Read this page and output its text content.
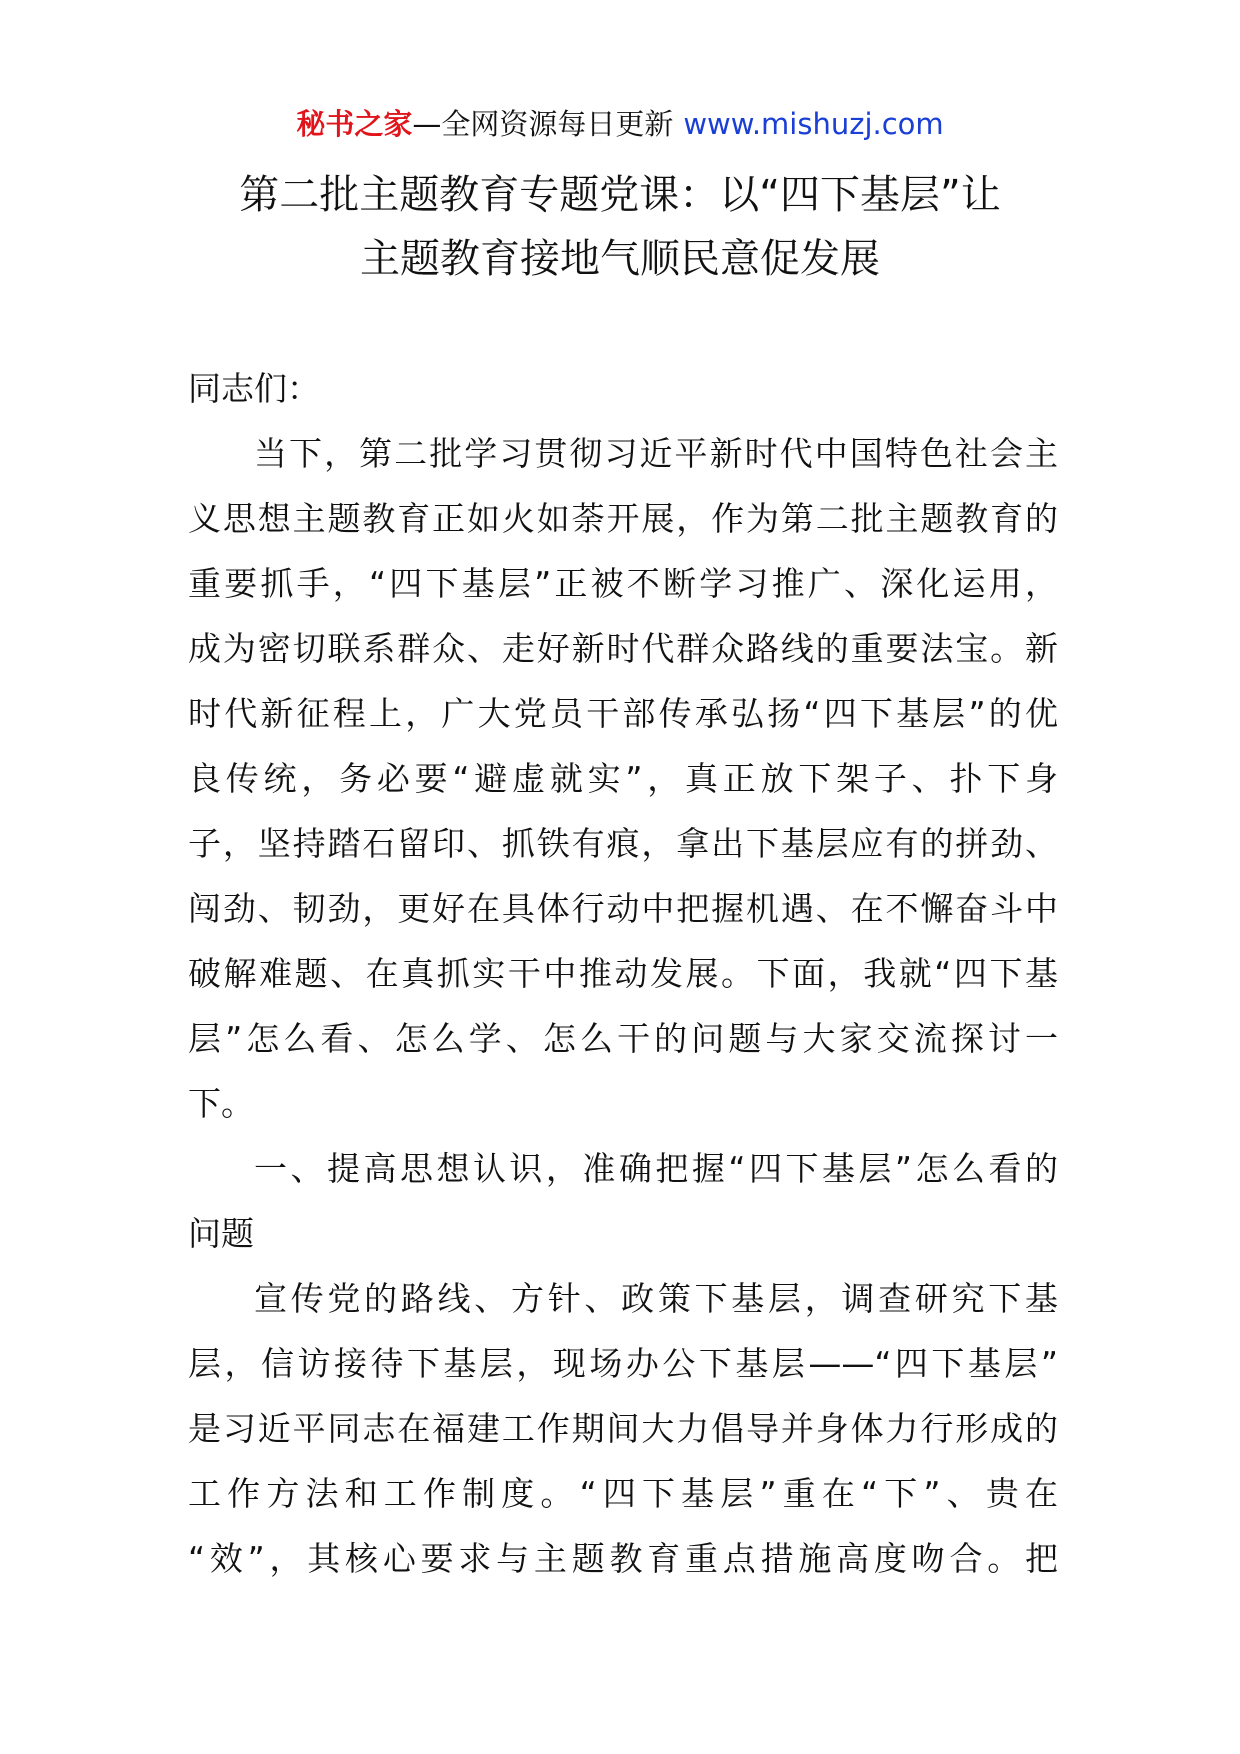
秘书之家—全网资源每日更新 www.mishuzj.com
第二批主题教育专题党课：以“四下基层”让
主题教育接地气顺民意促发展
同志们：
当下，第二批学习贯彻习近平新时代中国特色社会主
义思想主题教育正如火如荼开展，作为第二批主题教育的
重要抓手，“四下基层”正被不断学习推广、深化运用，
成为密切联系群众、走好新时代群众路线的重要法宝。新
时代新征程上，广大党员干部传承弘扬“四下基层”的优
良传统，务必要“避虚就实”，真正放下架子、扑下身
子，坚持踏石留印、抓铁有痕，拿出下基层应有的拼劲、
闯劲、韧劲，更好在具体行动中把握机遇、在不懈奋斗中
破解难题、在真抓实干中推动发展。下面，我就“四下基
层”怎么看、怎么学、怎么干的问题与大家交流探讨一
下。
一、提高思想认识，准确把握“四下基层”怎么看的
问题
宣传党的路线、方针、政策下基层，调查研究下基
层，信访接待下基层，现场办公下基层——“四下基层”
是习近平同志在福建工作期间大力倡导并身体力行形成的
工作方法和工作制度。“四下基层”重在“下”、贵在
“效”，其核心要求与主题教育重点措施高度吻合。把
